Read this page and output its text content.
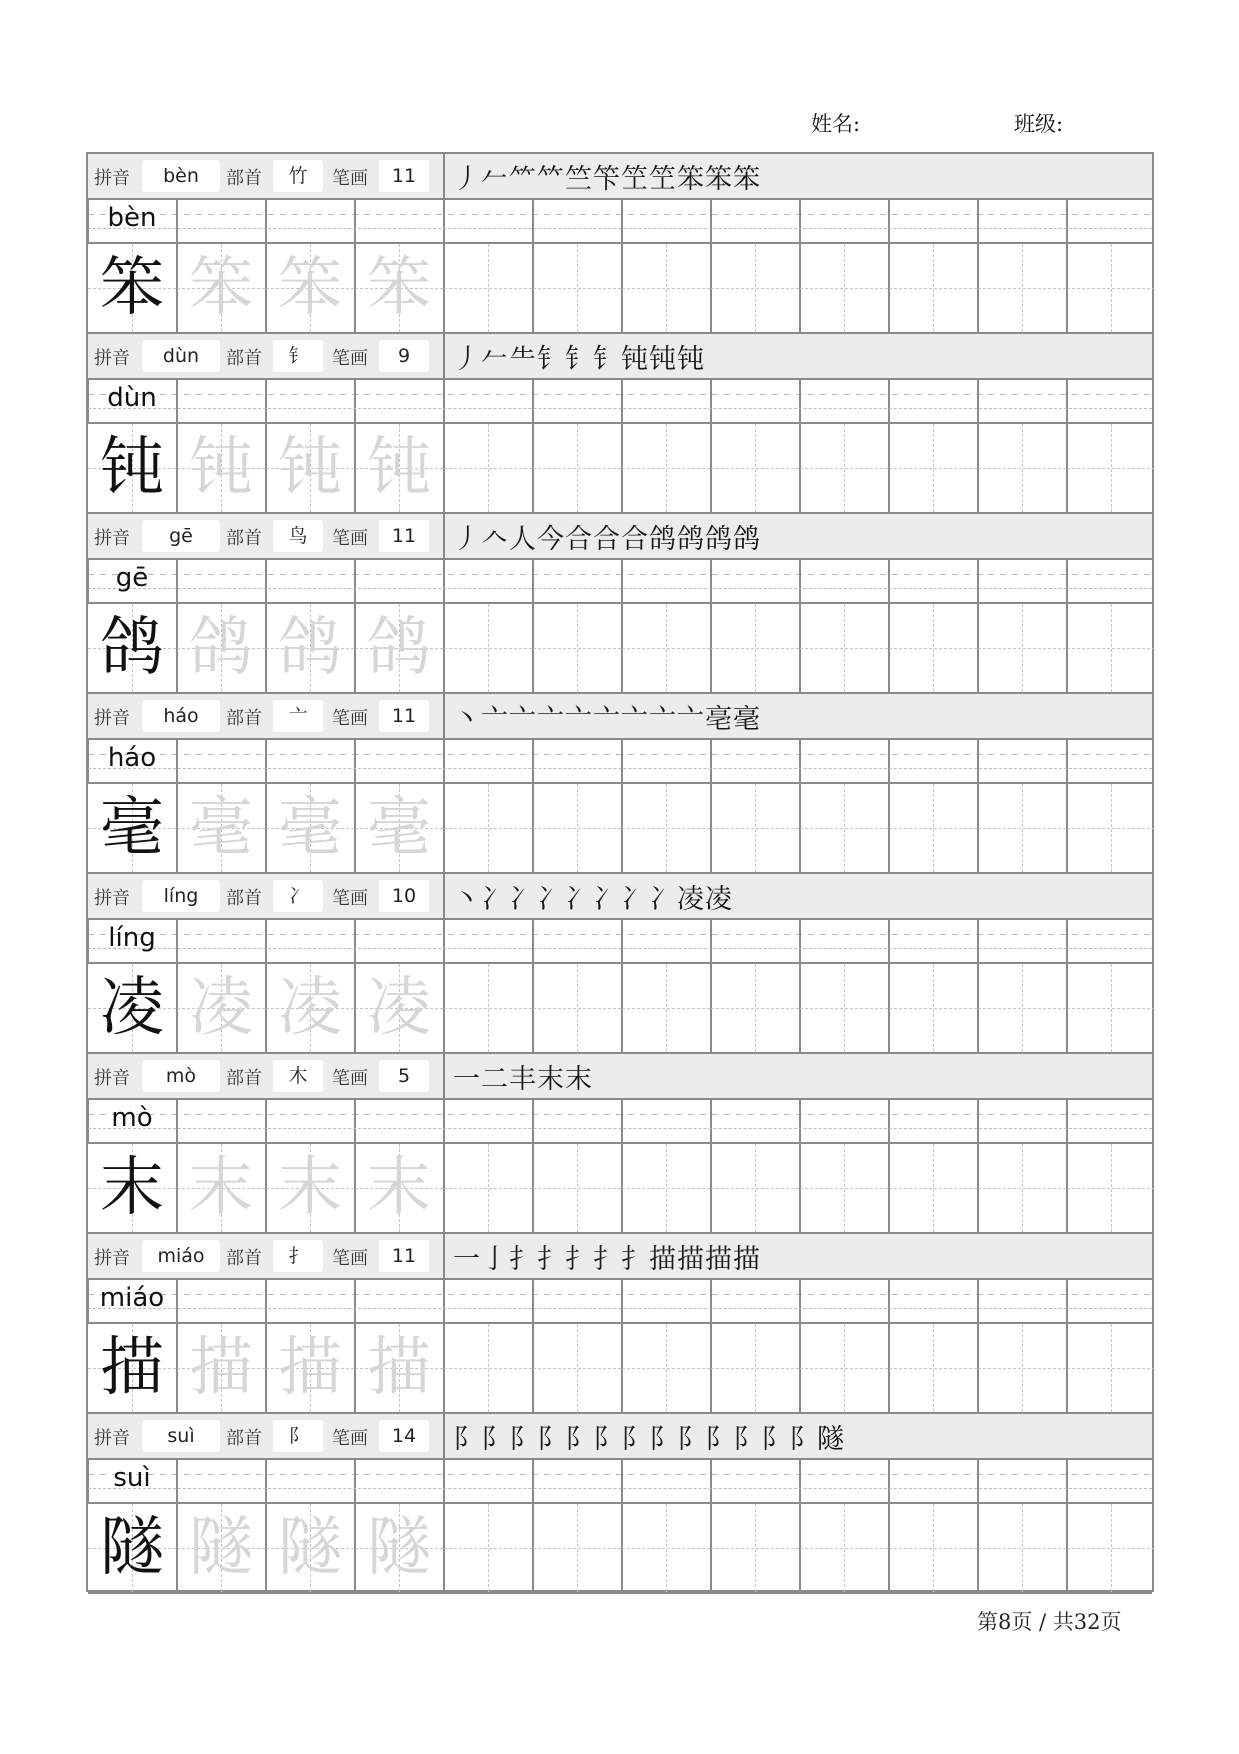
姓名:	班级:
拼音	bèn	部首	竹	笔画	11	丿𠂉⺮𥫗竺笇笁笁笨笨笨
bèn
笨 笨 笨 笨
拼音	dùn	部首	钅	笔画	9	丿𠂉⺧钅钅钅钝钝钝
dùn
钝 钝 钝 钝
拼音	gē	部首	鸟	笔画	11	丿𠆢人今合合合鸽鸽鸽鸽
gē
鸽 鸽 鸽 鸽
拼音	háo	部首	亠	笔画	11	丶亠亠亠亠亠亠亠亠亳毫
háo
毫 毫 毫 毫
拼音	líng	部首	冫	笔画	10	丶冫冫冫冫冫冫冫凌凌
líng
凌 凌 凌 凌
拼音	mò	部首	木	笔画	5	一二丰末末
mò
末 末 末 末
拼音	miáo	部首	扌	笔画	11	一亅扌扌扌扌扌描描描描
miáo
描 描 描 描
拼音	suì	部首	阝	笔画	14	阝阝阝阝阝阝阝阝阝阝阝阝阝隧
suì
隧 隧 隧 隧
第8页 / 共32页
